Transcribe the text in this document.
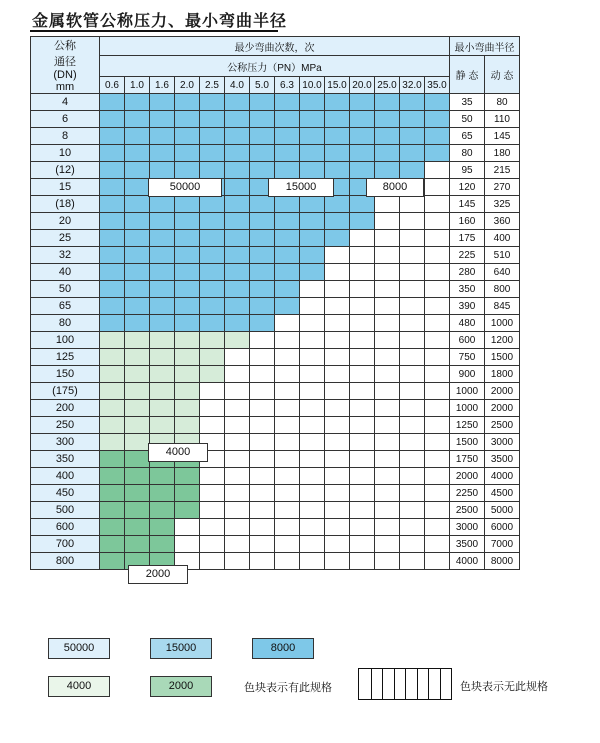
金属软管公称压力、最小弯曲半径
公称
通径
(DN)
mm	最少弯曲次数，次														最小弯曲半径	
	公称压力（PN）MPa														静 态	动 态
	0.6	1.0	1.6	2.0	2.5	4.0	5.0	6.3	10.0	15.0	20.0	25.0	32.0	35.0		
4															35	80
6															50	110
8															65	145
10															80	180
(12)															95	215
15															120	270
(18)															145	325
20															160	360
25															175	400
32															225	510
40															280	640
50															350	800
65															390	845
80															480	1000
100															600	1200
125															750	1500
150															900	1800
(175)															1000	2000
200															1000	2000
250															1250	2500
300															1500	3000
350															1750	3500
400															2000	4000
450															2250	4500
500															2500	5000
600															3000	6000
700															3500	7000
800															4000	8000
50000	15000	8000
4000
2000
50000	15000	8000
4000	2000	色块表示有此规格	色块表示无此规格
